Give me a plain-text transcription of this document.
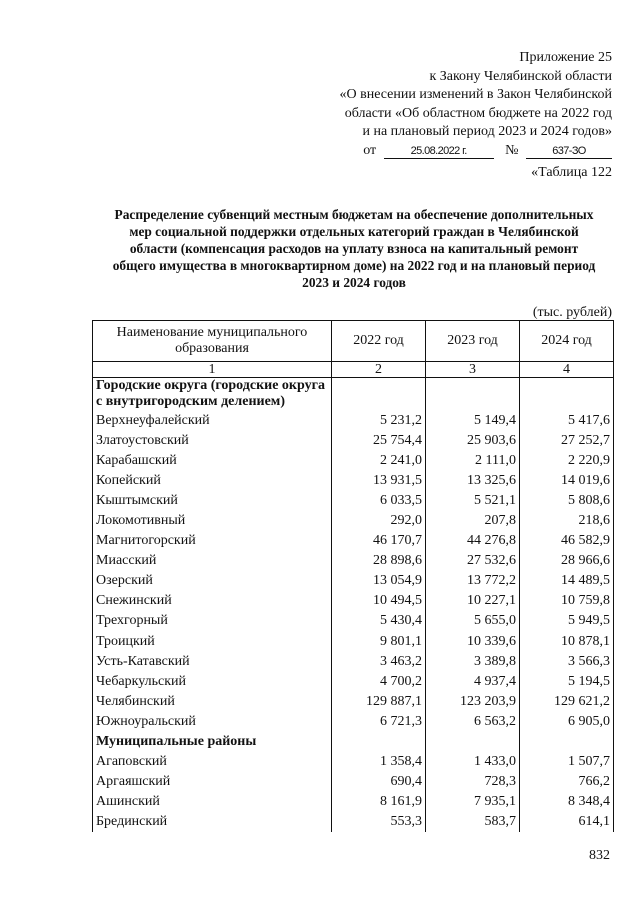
Приложение 25
к Закону Челябинской области
«О внесении изменений в Закон Челябинской
области «Об областном бюджете на 2022 год
и на плановый период 2023 и 2024 годов»
от	25.08.2022 г.	№	637-ЗО
«Таблица 122
Распределение субвенций местным бюджетам на обеспечение дополнительных
мер социальной поддержки отдельных категорий граждан в Челябинской
области (компенсация расходов на уплату взноса на капитальный ремонт
общего имущества в многоквартирном доме) на 2022 год и на плановый период
2023 и 2024 годов
(тыс. рублей)
Наименование муниципального образования	2022 год	2023 год	2024 год
1	2	3	4
Городские округа (городские округа с внутригородским делением)			
Верхнеуфалейский	5 231,2	5 149,4	5 417,6
Златоустовский	25 754,4	25 903,6	27 252,7
Карабашский	2 241,0	2 111,0	2 220,9
Копейский	13 931,5	13 325,6	14 019,6
Кыштымский	6 033,5	5 521,1	5 808,6
Локомотивный	292,0	207,8	218,6
Магнитогорский	46 170,7	44 276,8	46 582,9
Миасский	28 898,6	27 532,6	28 966,6
Озерский	13 054,9	13 772,2	14 489,5
Снежинский	10 494,5	10 227,1	10 759,8
Трехгорный	5 430,4	5 655,0	5 949,5
Троицкий	9 801,1	10 339,6	10 878,1
Усть-Катавский	3 463,2	3 389,8	3 566,3
Чебаркульский	4 700,2	4 937,4	5 194,5
Челябинский	129 887,1	123 203,9	129 621,2
Южноуральский	6 721,3	6 563,2	6 905,0
Муниципальные районы			
Агаповский	1 358,4	1 433,0	1 507,7
Аргаяшский	690,4	728,3	766,2
Ашинский	8 161,9	7 935,1	8 348,4
Брединский	553,3	583,7	614,1
832
